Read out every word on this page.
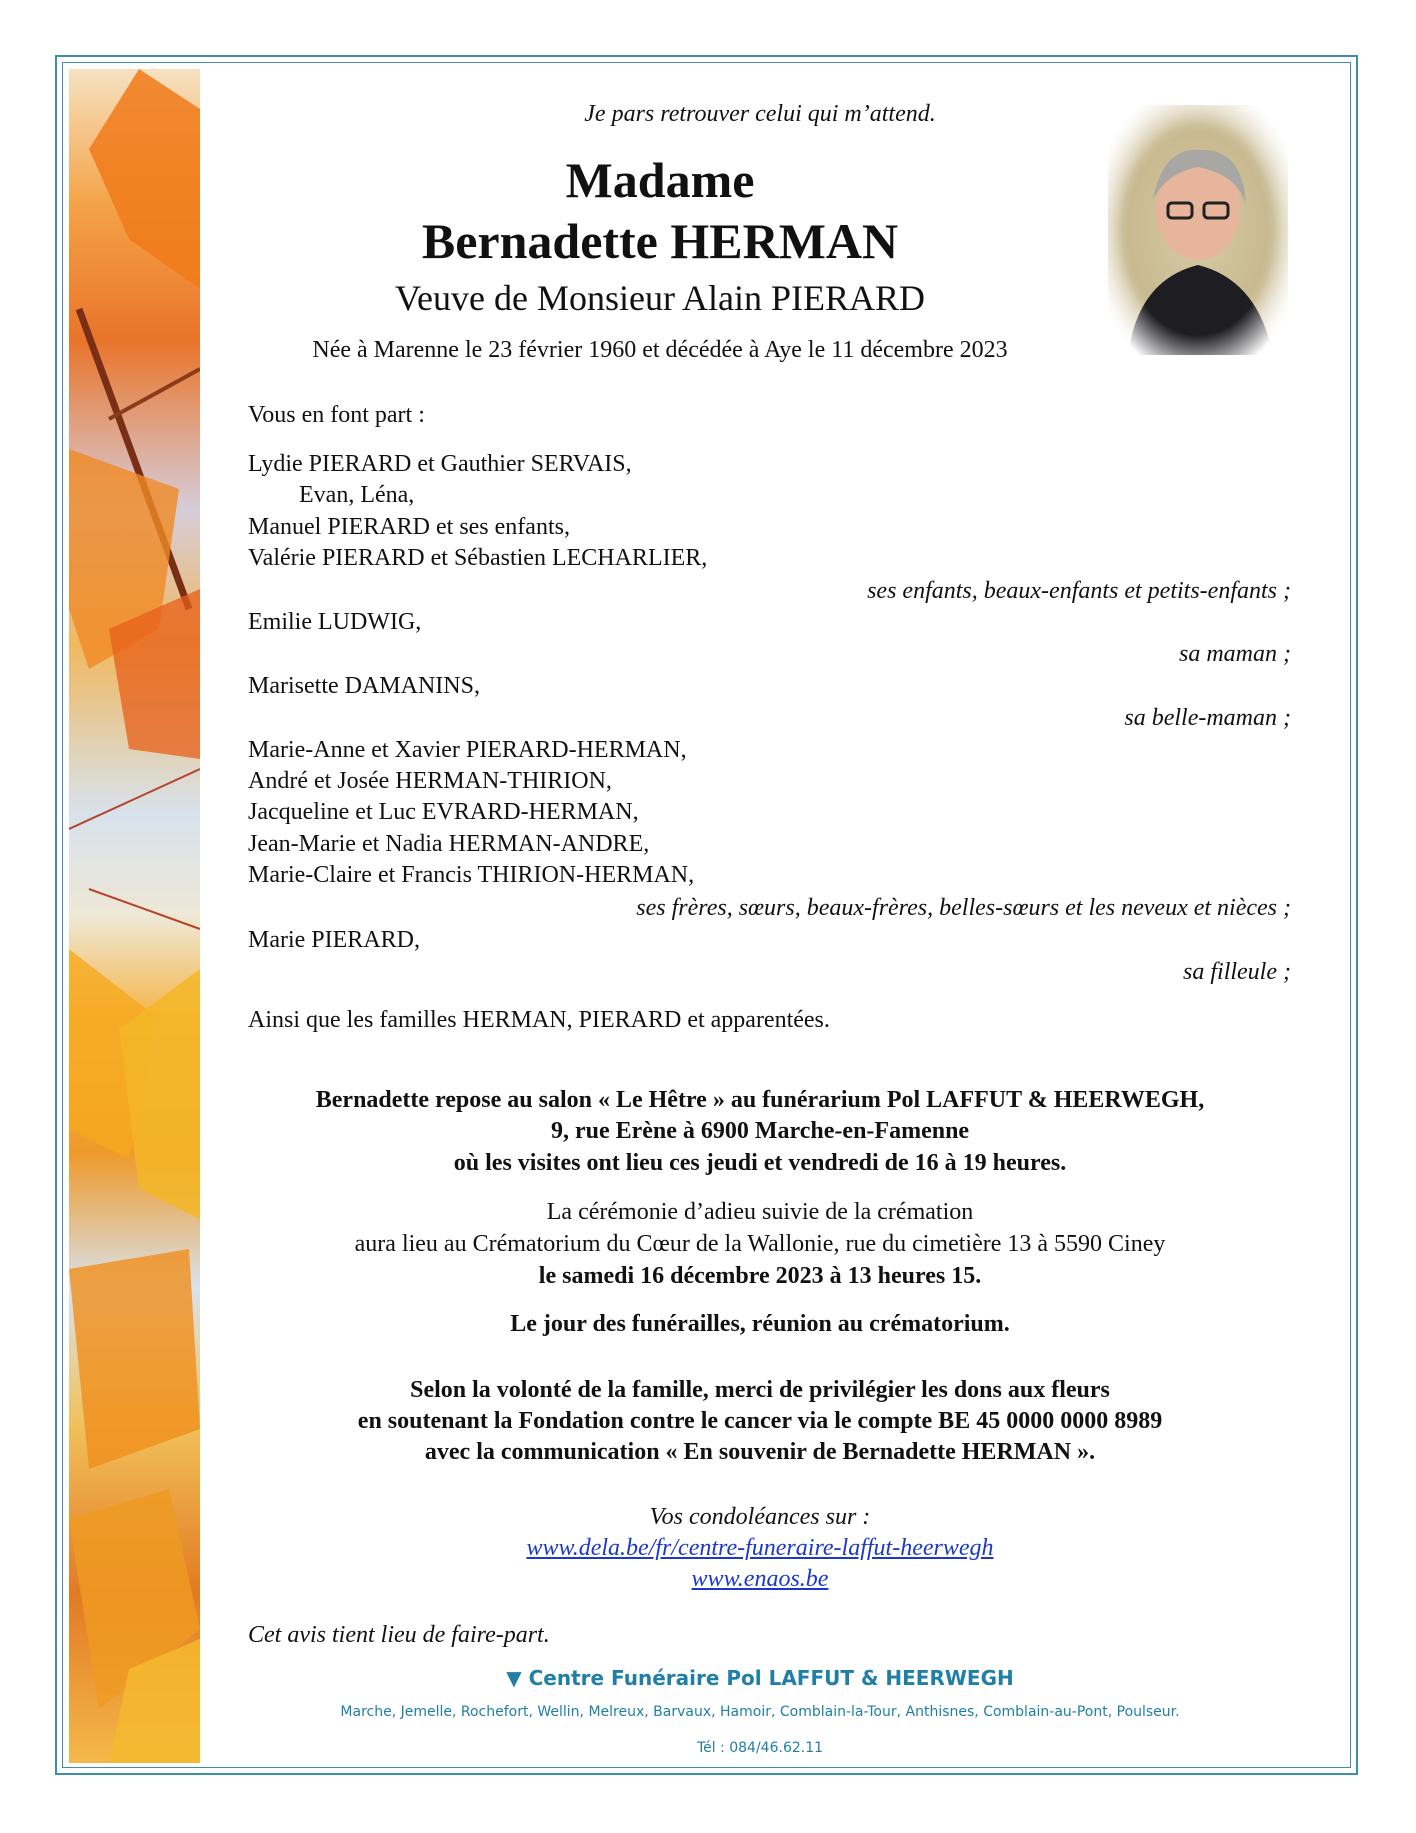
Je pars retrouver celui qui m’attend.
Madame
Bernadette HERMAN
Veuve de Monsieur Alain PIERARD
Née à Marenne le 23 février 1960 et décédée à Aye le 11 décembre 2023
Vous en font part :
Lydie PIERARD et Gauthier SERVAIS,
Evan, Léna,
Manuel PIERARD et ses enfants,
Valérie PIERARD et Sébastien LECHARLIER,
ses enfants, beaux-enfants et petits-enfants ;
Emilie LUDWIG,
sa maman ;
Marisette DAMANINS,
sa belle-maman ;
Marie-Anne et Xavier PIERARD-HERMAN,
André et Josée HERMAN-THIRION,
Jacqueline et Luc EVRARD-HERMAN,
Jean-Marie et Nadia HERMAN-ANDRE,
Marie-Claire et Francis THIRION-HERMAN,
ses frères, sœurs, beaux-frères, belles-sœurs et les neveux et nièces ;
Marie PIERARD,
sa filleule ;
Ainsi que les familles HERMAN, PIERARD et apparentées.
Bernadette repose au salon « Le Hêtre » au funérarium Pol LAFFUT & HEERWEGH,
9, rue Erène à 6900 Marche-en-Famenne
où les visites ont lieu ces jeudi et vendredi de 16 à 19 heures.
La cérémonie d’adieu suivie de la crémation
aura lieu au Crématorium du Cœur de la Wallonie, rue du cimetière 13 à 5590 Ciney
le samedi 16 décembre 2023 à 13 heures 15.
Le jour des funérailles, réunion au crématorium.
Selon la volonté de la famille, merci de privilégier les dons aux fleurs
en soutenant la Fondation contre le cancer via le compte BE 45 0000 0000 8989
avec la communication « En souvenir de Bernadette HERMAN ».
Vos condoléances sur :
www.dela.be/fr/centre-funeraire-laffut-heerwegh
www.enaos.be
Cet avis tient lieu de faire-part.
▼ Centre Funéraire Pol LAFFUT & HEERWEGH
Marche, Jemelle, Rochefort, Wellin, Melreux, Barvaux, Hamoir, Comblain-la-Tour, Anthisnes, Comblain-au-Pont, Poulseur.
Tél : 084/46.62.11
